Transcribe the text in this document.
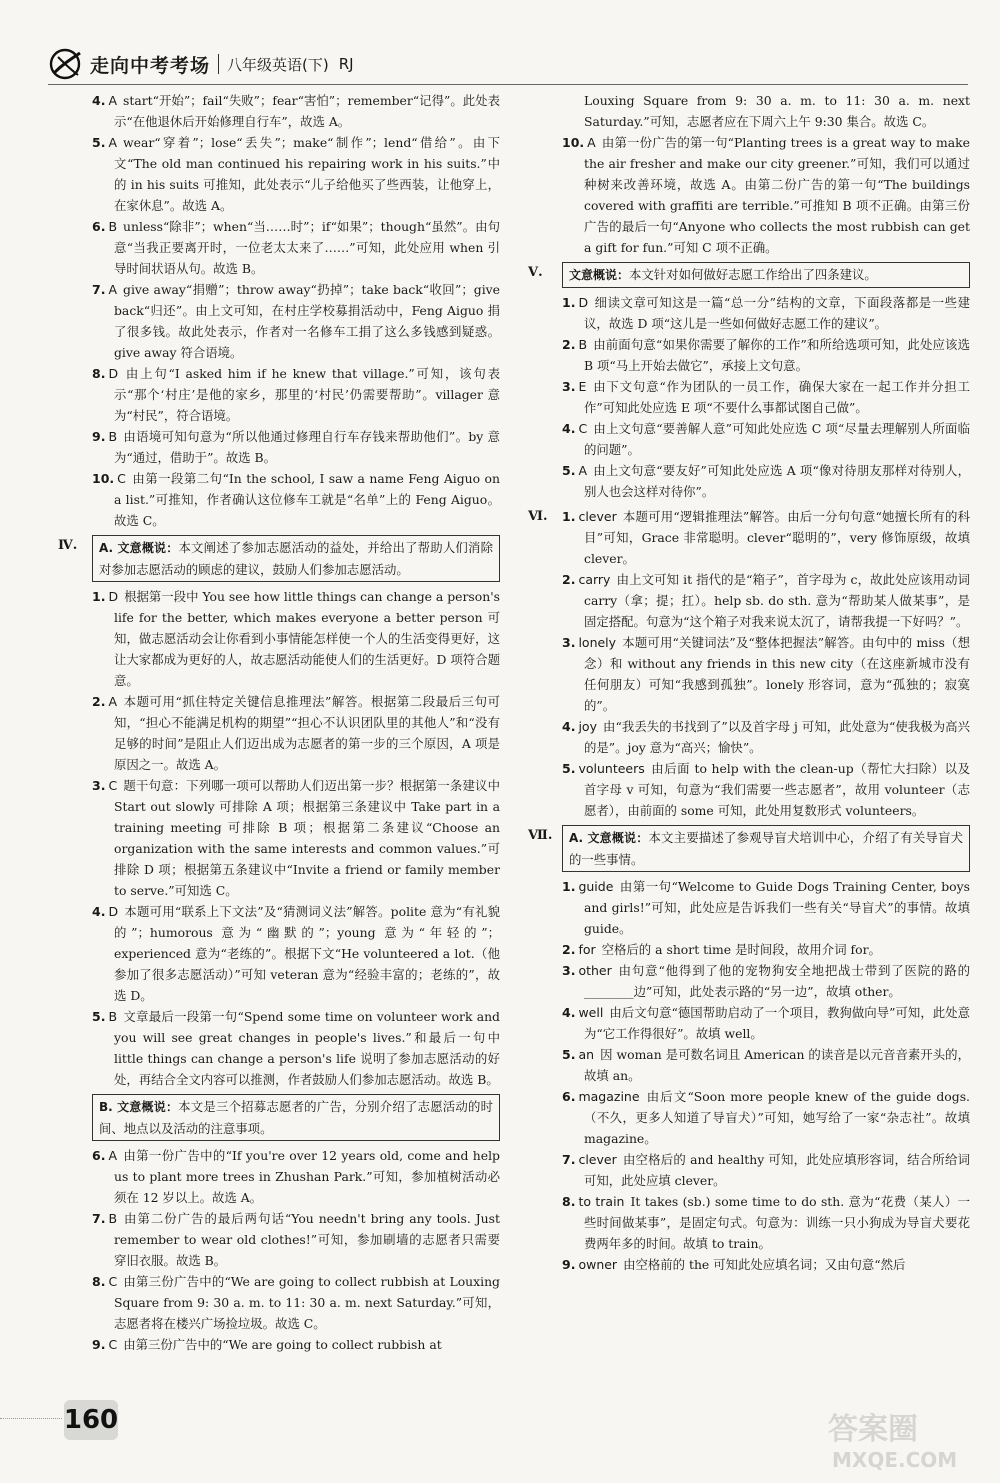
走向中考考场 八年级英语(下) RJ

4. A start“开始”；fail“失败”；fear“害怕”；remember“记得”。此处表示“在他退休后开始修理自行车”，故选 A。

5. A wear“穿着”；lose“丢失”；make“制作”；lend“借给”。由下文“The old man continued his repairing work in his suits.”中的 in his suits 可推知，此处表示“儿子给他买了些西装，让他穿上，在家休息”。故选 A。

6. B unless“除非”；when“当……时”；if“如果”；though“虽然”。由句意“当我正要离开时，一位老太太来了……”可知，此处应用 when 引导时间状语从句。故选 B。

7. A give away“捐赠”；throw away“扔掉”；take back“收回”；give back“归还”。由上文可知，在村庄学校募捐活动中，Feng Aiguo 捐了很多钱。故此处表示，作者对一名修车工捐了这么多钱感到疑惑。give away 符合语境。

8. D 由上句“I asked him if he knew that village.”可知，该句表示“那个‘村庄’是他的家乡，那里的‘村民’仍需要帮助”。villager 意为“村民”，符合语境。

9. B 由语境可知句意为“所以他通过修理自行车存钱来帮助他们”。by 意为“通过，借助于”。故选 B。

10. C 由第一段第二句“In the school, I saw a name Feng Aiguo on a list.”可推知，作者确认这位修车工就是“名单”上的 Feng Aiguo。故选 C。

Ⅳ.	A. 文意概说：本文阐述了参加志愿活动的益处，并给出了帮助人们消除对参加志愿活动的顾虑的建议，鼓励人们参加志愿活动。

1. D 根据第一段中 You see how little things can change a person's life for the better, which makes everyone a better person 可知，做志愿活动会让你看到小事情能怎样使一个人的生活变得更好，这让大家都成为更好的人，故志愿活动能使人们的生活更好。D 项符合题意。

2. A 本题可用“抓住特定关键信息推理法”解答。根据第二段最后三句可知，“担心不能满足机构的期望”“担心不认识团队里的其他人”和“没有足够的时间”是阻止人们迈出成为志愿者的第一步的三个原因，A 项是原因之一。故选 A。

3. C 题干句意：下列哪一项可以帮助人们迈出第一步？根据第一条建议中 Start out slowly 可排除 A 项；根据第三条建议中 Take part in a training meeting 可排除 B 项；根据第二条建议“Choose an organization with the same interests and common values.”可排除 D 项；根据第五条建议中“Invite a friend or family member to serve.”可知选 C。

4. D 本题可用“联系上下文法”及“猜测词义法”解答。polite 意为“有礼貌的”；humorous 意为“幽默的”；young 意为“年轻的”；experienced 意为“老练的”。根据下文“He volunteered a lot.（他参加了很多志愿活动）”可知 veteran 意为“经验丰富的；老练的”，故选 D。

5. B 文章最后一段第一句“Spend some time on volunteer work and you will see great changes in people's lives.”和最后一句中 little things can change a person's life 说明了参加志愿活动的好处，再结合全文内容可以推测，作者鼓励人们参加志愿活动。故选 B。

B. 文意概说：本文是三个招募志愿者的广告，分别介绍了志愿活动的时间、地点以及活动的注意事项。

6. A 由第一份广告中的“If you're over 12 years old, come and help us to plant more trees in Zhushan Park.”可知，参加植树活动必须在 12 岁以上。故选 A。

7. B 由第二份广告的最后两句话“You needn't bring any tools. Just remember to wear old clothes!”可知，参加刷墙的志愿者只需要穿旧衣服。故选 B。

8. C 由第三份广告中的“We are going to collect rubbish at Louxing Square from 9: 30 a. m. to 11: 30 a. m. next Saturday.”可知，志愿者将在楼兴广场捡垃圾。故选 C。

9. C 由第三份广告中的“We are going to collect rubbish at

Louxing Square from 9: 30 a. m. to 11: 30 a. m. next Saturday.”可知，志愿者应在下周六上午 9:30 集合。故选 C。

10. A 由第一份广告的第一句“Planting trees is a great way to make the air fresher and make our city greener.”可知，我们可以通过种树来改善环境，故选 A。由第二份广告的第一句“The buildings covered with graffiti are terrible.”可推知 B 项不正确。由第三份广告的最后一句“Anyone who collects the most rubbish can get a gift for fun.”可知 C 项不正确。

Ⅴ.	文意概说：本文针对如何做好志愿工作给出了四条建议。

1. D 细读文章可知这是一篇“总一分”结构的文章，下面段落都是一些建议，故选 D 项“这儿是一些如何做好志愿工作的建议”。

2. B 由前面句意“如果你需要了解你的工作”和所给选项可知，此处应该选 B 项“马上开始去做它”，承接上文句意。

3. E 由下文句意“作为团队的一员工作，确保大家在一起工作并分担工作”可知此处应选 E 项“不要什么事都试图自己做”。

4. C 由上文句意“要善解人意”可知此处应选 C 项“尽量去理解别人所面临的问题”。

5. A 由上文句意“要友好”可知此处应选 A 项“像对待朋友那样对待别人，别人也会这样对待你”。

Ⅵ. 1. clever 本题可用“逻辑推理法”解答。由后一分句句意“她擅长所有的科目”可知，Grace 非常聪明。clever“聪明的”，very 修饰原级，故填 clever。

2. carry 由上文可知 it 指代的是“箱子”，首字母为 c，故此处应该用动词 carry（拿；提；扛）。help sb. do sth. 意为“帮助某人做某事”，是固定搭配。句意为“这个箱子对我来说太沉了，请帮我提一下好吗？”。

3. lonely 本题可用“关键词法”及“整体把握法”解答。由句中的 miss（想念）和 without any friends in this new city（在这座新城市没有任何朋友）可知“我感到孤独”。lonely 形容词，意为“孤独的；寂寞的”。

4. joy 由“我丢失的书找到了”以及首字母 j 可知，此处意为“使我极为高兴的是”。joy 意为“高兴；愉快”。

5. volunteers 由后面 to help with the clean-up（帮忙大扫除）以及首字母 v 可知，句意为“我们需要一些志愿者”，故用 volunteer（志愿者），由前面的 some 可知，此处用复数形式 volunteers。

Ⅶ.	A. 文意概说：本文主要描述了参观导盲犬培训中心，介绍了有关导盲犬的一些事情。

1. guide 由第一句“Welcome to Guide Dogs Training Center, boys and girls!”可知，此处应是告诉我们一些有关“导盲犬”的事情。故填 guide。

2. for 空格后的 a short time 是时间段，故用介词 for。

3. other 由句意“他得到了他的宠物狗安全地把战士带到了医院的路的________边”可知，此处表示路的“另一边”，故填 other。

4. well 由后文句意“德国帮助启动了一个项目，教狗做向导”可知，此处意为“它工作得很好”。故填 well。

5. an 因 woman 是可数名词且 American 的读音是以元音音素开头的，故填 an。

6. magazine 由后文“Soon more people knew of the guide dogs.（不久，更多人知道了导盲犬）”可知，她写给了一家“杂志社”。故填 magazine。

7. clever 由空格后的 and healthy 可知，此处应填形容词，结合所给词可知，此处应填 clever。

8. to train It takes (sb.) some time to do sth. 意为“花费（某人）一些时间做某事”，是固定句式。句意为：训练一只小狗成为导盲犬要花费两年多的时间。故填 to train。

9. owner 由空格前的 the 可知此处应填名词；又由句意“然后

160	答案圈
MXQE.COM
